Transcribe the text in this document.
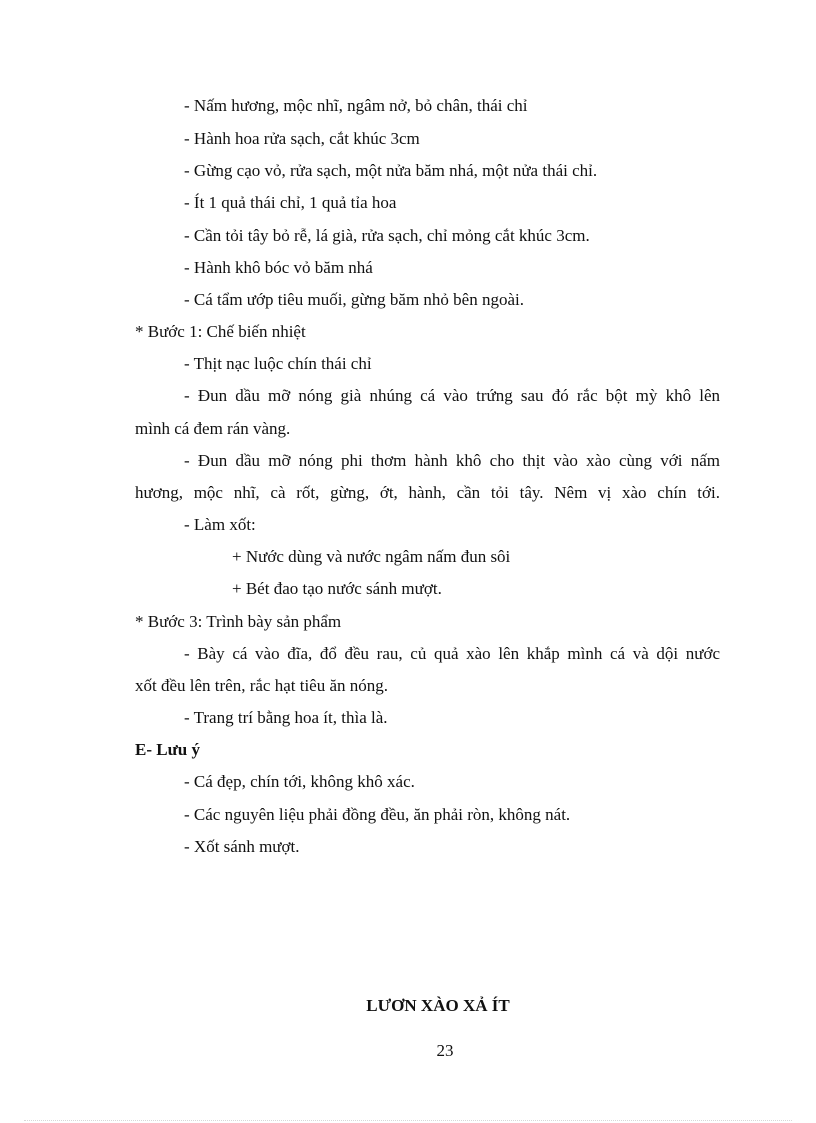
- Nấm hương, mộc nhĩ, ngâm nở, bỏ chân, thái chỉ
- Hành hoa rửa sạch, cắt khúc 3cm
- Gừng cạo vỏ, rửa sạch, một nửa băm nhá, một nửa thái chỉ.
- Ít 1 quả thái chỉ, 1 quả tỉa hoa
- Cần tỏi tây bỏ rễ, lá già, rửa sạch, chỉ mỏng cắt khúc 3cm.
- Hành khô bóc vỏ băm nhá
- Cá tẩm ướp tiêu muối, gừng băm nhỏ bên ngoài.
* Bước 1: Chế biến nhiệt
- Thịt nạc luộc chín thái chỉ
- Đun dầu mỡ nóng già nhúng cá vào trứng sau đó rắc bột mỳ khô lên
mình cá đem rán vàng.
- Đun dầu mỡ nóng phi thơm hành khô cho thịt vào xào cùng với nấm
hương, mộc nhĩ, cà rốt, gừng, ớt, hành, cần tỏi tây. Nêm vị xào chín tới.
- Làm xốt:
+ Nước dùng và nước ngâm nấm đun sôi
+ Bét đao tạo nước sánh mượt.
* Bước 3: Trình bày sản phẩm
- Bày cá vào đĩa, đổ đều rau, củ quả xào lên khắp mình cá và dội nước
xốt đều lên trên, rắc hạt tiêu ăn nóng.
- Trang trí bằng hoa ít, thìa là.
E- Lưu ý
- Cá đẹp, chín tới, không khô xác.
- Các nguyên liệu phải đồng đều, ăn phải ròn, không nát.
- Xốt sánh mượt.
LƯƠN XÀO XẢ ÍT
23
